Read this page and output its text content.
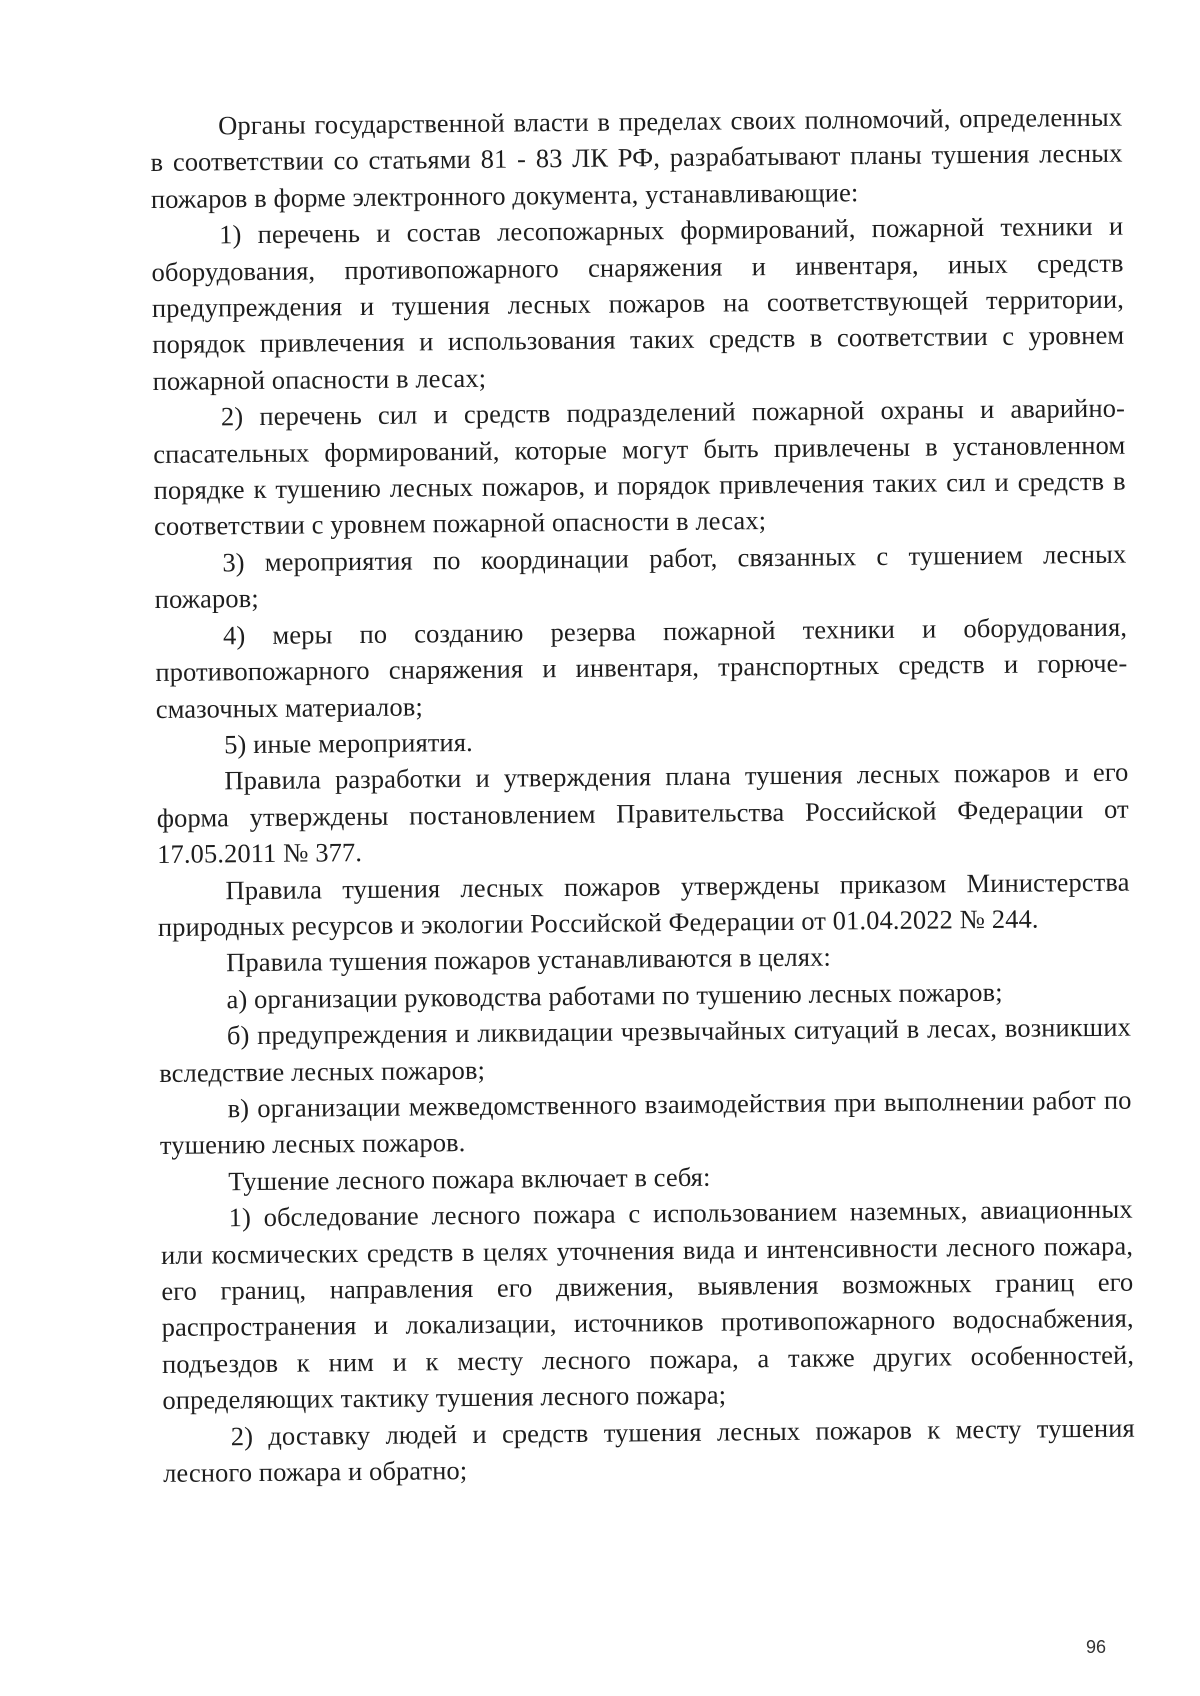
Органы государственной власти в пределах своих полномочий, определенных в соответствии со статьями 81 - 83 ЛК РФ, разрабатывают планы тушения лесных пожаров в форме электронного документа, устанавливающие:

1) перечень и состав лесопожарных формирований, пожарной техники и оборудования, противопожарного снаряжения и инвентаря, иных средств предупреждения и тушения лесных пожаров на соответствующей территории, порядок привлечения и использования таких средств в соответствии с уровнем пожарной опасности в лесах;

2) перечень сил и средств подразделений пожарной охраны и аварийно-спасательных формирований, которые могут быть привлечены в установленном порядке к тушению лесных пожаров, и порядок привлечения таких сил и средств в соответствии с уровнем пожарной опасности в лесах;

3) мероприятия по координации работ, связанных с тушением лесных пожаров;

4) меры по созданию резерва пожарной техники и оборудования, противопожарного снаряжения и инвентаря, транспортных средств и горюче-смазочных материалов;

5) иные мероприятия.

Правила разработки и утверждения плана тушения лесных пожаров и его форма утверждены постановлением Правительства Российской Федерации от 17.05.2011 № 377.

Правила тушения лесных пожаров утверждены приказом Министерства природных ресурсов и экологии Российской Федерации от 01.04.2022 № 244.

Правила тушения пожаров устанавливаются в целях:

а) организации руководства работами по тушению лесных пожаров;

б) предупреждения и ликвидации чрезвычайных ситуаций в лесах, возникших вследствие лесных пожаров;

в) организации межведомственного взаимодействия при выполнении работ по тушению лесных пожаров.

Тушение лесного пожара включает в себя:

1) обследование лесного пожара с использованием наземных, авиационных или космических средств в целях уточнения вида и интенсивности лесного пожара, его границ, направления его движения, выявления возможных границ его распространения и локализации, источников противопожарного водоснабжения, подъездов к ним и к месту лесного пожара, а также других особенностей, определяющих тактику тушения лесного пожара;

2) доставку людей и средств тушения лесных пожаров к месту тушения лесного пожара и обратно;

96
